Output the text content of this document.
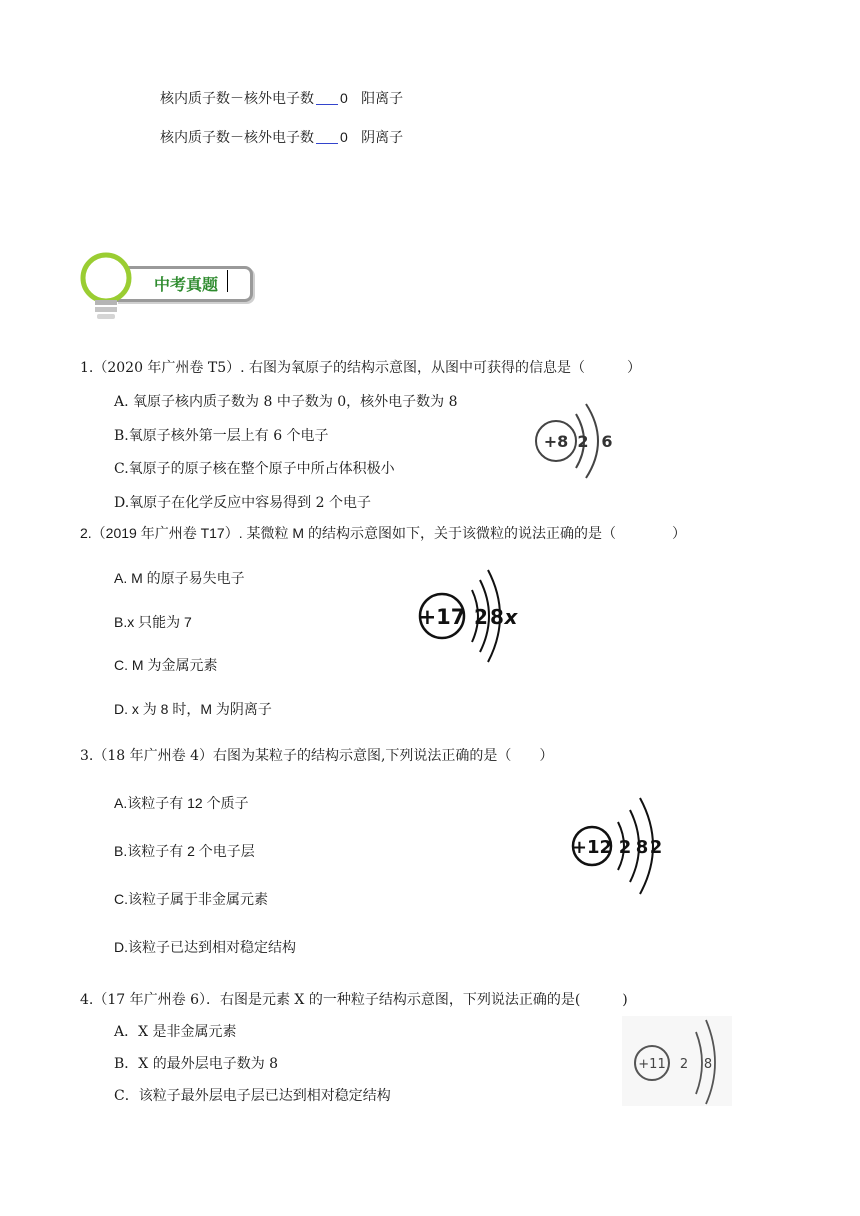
核内质子数－核外电子数 0 阳离子
核内质子数－核外电子数 0 阴离子
中考真题
1.（2020 年广州卷 T5）. 右图为氧原子的结构示意图，从图中可获得的信息是（　　　）
A. 氧原子核内质子数为 8 中子数为 0，核外电子数为 8
B.氧原子核外第一层上有 6 个电子
C.氧原子的原子核在整个原子中所占体积极小
D.氧原子在化学反应中容易得到 2 个电子
+8 2 6
2.（2019 年广州卷 T17）. 某微粒 M 的结构示意图如下，关于该微粒的说法正确的是（　　　　）
A. M 的原子易失电子
B.x 只能为 7
C. M 为金属元素
D. x 为 8 时，M 为阴离子
+17 2 8 x
3.（18 年广州卷 4）右图为某粒子的结构示意图,下列说法正确的是（　　）
A.该粒子有 12 个质子
B.该粒子有 2 个电子层
C.该粒子属于非金属元素
D.该粒子已达到相对稳定结构
+12 2 8 2
4.（17 年广州卷 6）．右图是元素 X 的一种粒子结构示意图，下列说法正确的是(　　　)
A．X 是非金属元素
B．X 的最外层电子数为 8
C．该粒子最外层电子层已达到相对稳定结构
+11 2 8
